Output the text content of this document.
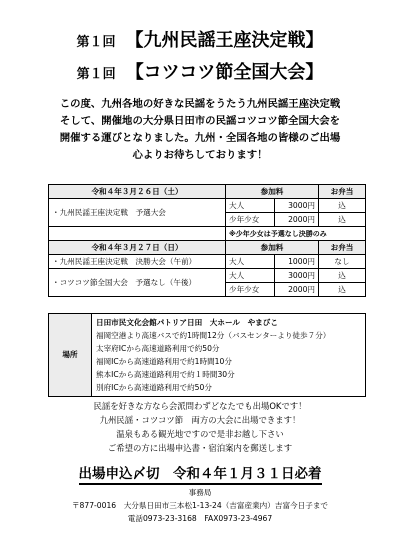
第１回 【九州民謡王座決定戦】
第１回 【コツコツ節全国大会】
この度、九州各地の好きな民謡をうたう九州民謡王座決定戦
そして、開催地の大分県日田市の民謡コツコツ節全国大会を
開催する運びとなりました。九州・全国各地の皆様のご出場
心よりお待ちしております！
令和４年３月２６日（土）	参加料		お弁当
・九州民謡王座決定戦　予選大会	大人	3000円	込
	少年少女	2000円	込
	※少年少女は予選なし決勝のみ		
令和４年３月２７日（日）	参加料		お弁当
・九州民謡王座決定戦　決勝大会（午前）	大人	1000円	なし
・コツコツ節全国大会　予選なし（午後）	大人	3000円	込
	少年少女	2000円	込
場所	
日田市民文化会館パトリア日田　大ホール　やまびこ
福岡空港より高速バスで約1時間12分（バスセンターより徒歩７分）
太宰府ICから高速道路利用で約50分
福岡ICから高速道路利用で約1時間10分
熊本ICから高速道路利用で約１時間30分
別府ICから高速道路利用で約50分
民謡を好きな方なら会派問わずどなたでも出場OKです！
九州民謡・コツコツ節　両方の大会に出場できます！
温泉もある観光地ですので是非お越し下さい
ご希望の方に出場申込書・宿泊案内を郵送します
出場申込〆切　令和４年１月３１日必着
事務局
〒877-0016　大分県日田市三本松1-13-24（吉富産業内）吉富今日子まで
電話0973-23-3168　FAX0973-23-4967
